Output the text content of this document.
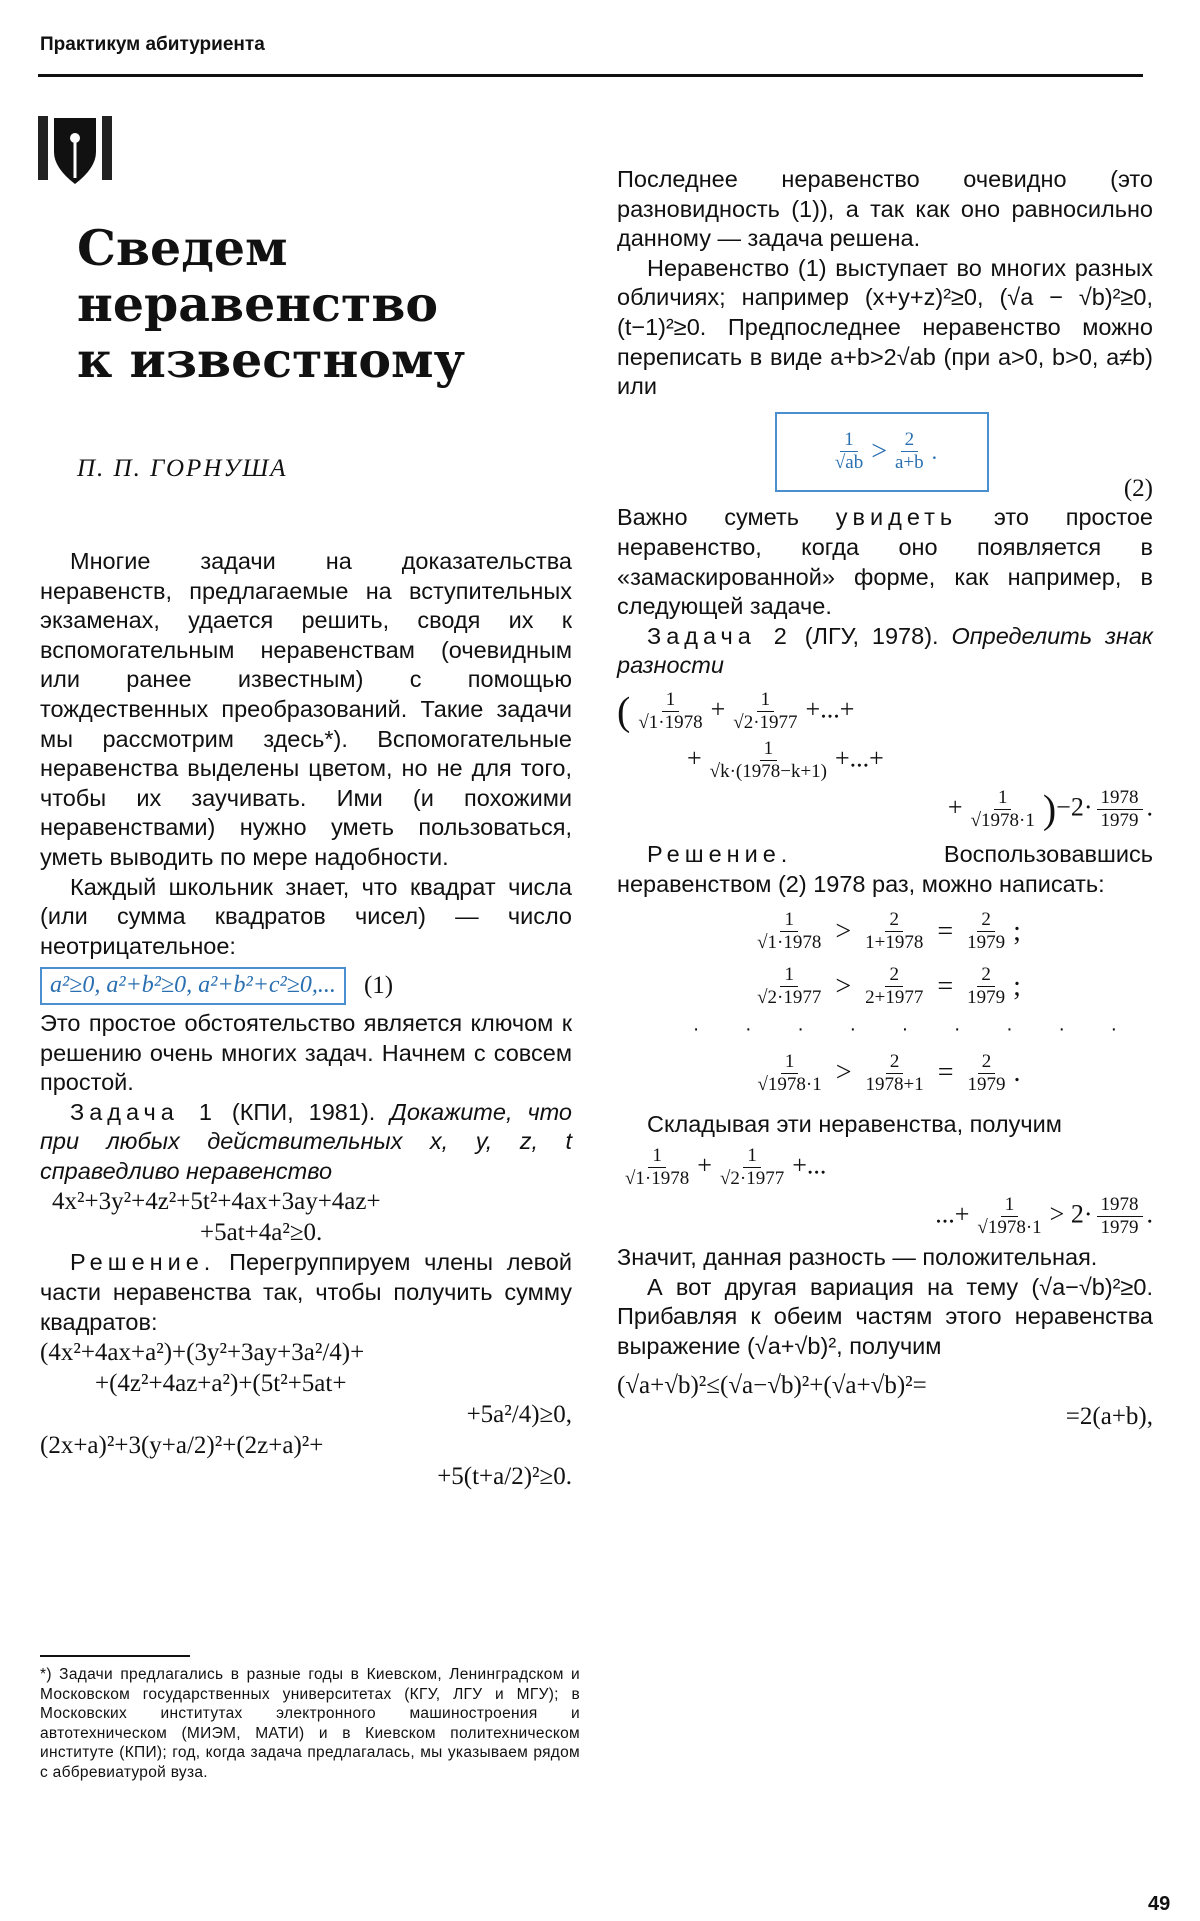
Практикум абитуриента
Сведем
неравенство
к известному
П. П. ГОРНУША

Многие задачи на доказательства неравенств, предлагаемые на вступительных экзаменах, удается решить, сводя их к вспомогательным неравенствам (очевидным или ранее известным) с помощью тождественных преобразований. Такие задачи мы рассмотрим здесь*). Вспомогательные неравенства выделены цветом, но не для того, чтобы их заучивать. Ими (и похожими неравенствами) нужно уметь пользоваться, уметь выводить по мере надобности.

Каждый школьник знает, что квадрат числа (или сумма квадратов чисел) — число неотрицательное:

a²≥0, a²+b²≥0, a²+b²+c²≥0,...	(1)

Это простое обстоятельство является ключом к решению очень многих задач. Начнем с совсем простой.

Задача 1 (КПИ, 1981). Докажите, что при любых действительных x, y, z, t справедливо неравенство

4x²+3y²+4z²+5t²+4ax+3ay+4az+
+5at+4a²≥0.

Решение. Перегруппируем члены левой части неравенства так, чтобы получить сумму квадратов:

(4x²+4ax+a²)+(3y²+3ay+3a²/4)+
+(4z²+4az+a²)+(5t²+5at+
+5a²/4)≥0,
(2x+a)²+3(y+a/2)²+(2z+a)²+
+5(t+a/2)²≥0.
*) Задачи предлагались в разные годы в Киевском, Ленинградском и Московском государственных университетах (КГУ, ЛГУ и МГУ); в Московских институтах электронного машиностроения и автотехническом (МИЭМ, МАТИ) и в Киевском политехническом институте (КПИ); год, когда задача предлагалась, мы указываем рядом с аббревиатурой вуза.

Последнее неравенство очевидно (это разновидность (1)), а так как оно равносильно данному — задача решена.

Неравенство (1) выступает во многих разных обличиях; например (x+y+z)²≥0, (√a − √b)²≥0, (t−1)²≥0. Предпоследнее неравенство можно переписать в виде a+b>2√ab (при a>0, b>0, a≠b) или

$\frac{1}{√ab} > \frac{2}{a+b}$ .
(2)

Важно суметь увидеть это простое неравенство, когда оно появляется в «замаскированной» форме, как например, в следующей задаче.

Задача 2 (ЛГУ, 1978). Определить знак разности

( $\frac{1}{√1\cdot 1978} + \frac{1}{√2\cdot 1977}$ +...+
+ $\frac{1}{√k\cdot(1978-k+1)}$ +...+
+ $\frac{1}{√1978\cdot 1} )-2\cdot \frac{1978}{1979}$ .

Решение. Воспользовавшись неравенством (2) 1978 раз, можно написать:

$\frac{1}{√1\cdot 1978} > \frac{2}{1+1978} = \frac{2}{1979}$ ;
$\frac{1}{√2\cdot 1977} > \frac{2}{2+1977} = \frac{2}{1979}$ ;
· · · · · · · · ·
$\frac{1}{√1978\cdot 1} > \frac{2}{1978+1} = \frac{2}{1979}$ .

Складывая эти неравенства, получим

$\frac{1}{√1\cdot 1978} + \frac{1}{√2\cdot 1977}$ +...
...+ $\frac{1}{√1978\cdot 1} > 2\cdot \frac{1978}{1979}$ .

Значит, данная разность — положительная.

А вот другая вариация на тему (√a−√b)²≥0. Прибавляя к обеим частям этого неравенства выражение (√a+√b)², получим

(√a+√b)²≤(√a−√b)²+(√a+√b)²=
=2(a+b),
49
